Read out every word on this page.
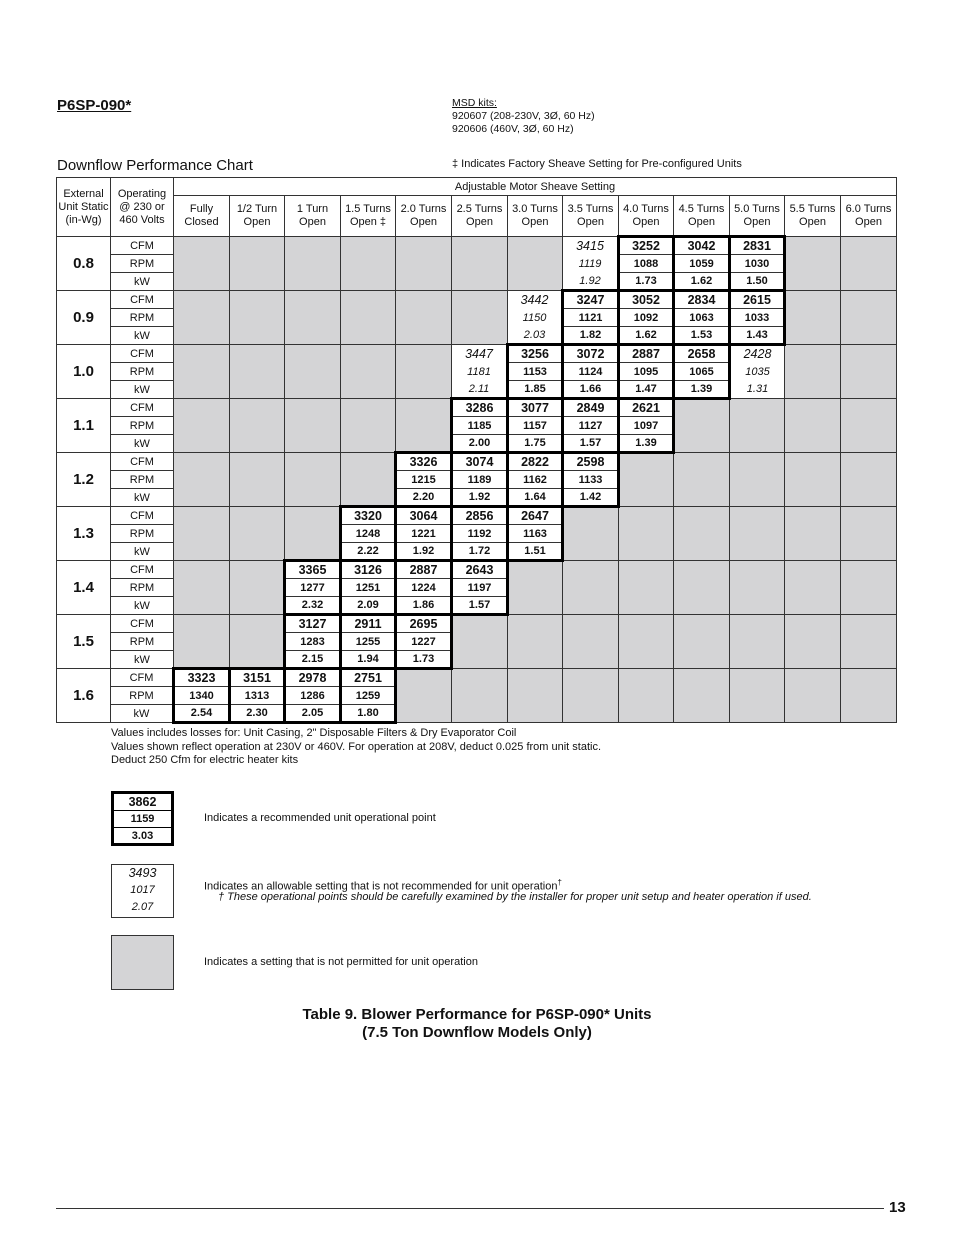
P6SP-090*	MSD kits:
920607 (208-230V, 3Ø, 60 Hz)
920606 (460V, 3Ø, 60 Hz)
Downflow Performance Chart	‡ Indicates Factory Sheave Setting for Pre-configured Units
External Unit Static (in-Wg)	Operating @ 230 or 460 Volts	Adjustable Motor Sheave Setting												
		Fully Closed	1/2 Turn Open	1 Turn Open	1.5 Turns Open ‡	2.0 Turns Open	2.5 Turns Open	3.0 Turns Open	3.5 Turns Open	4.0 Turns Open	4.5 Turns Open	5.0 Turns Open	5.5 Turns Open	6.0 Turns Open
0.8	CFM								3415	3252	3042	2831		
	RPM								1119	1088	1059	1030		
	kW								1.92	1.73	1.62	1.50		
0.9	CFM							3442	3247	3052	2834	2615		
	RPM							1150	1121	1092	1063	1033		
	kW							2.03	1.82	1.62	1.53	1.43		
1.0	CFM						3447	3256	3072	2887	2658	2428		
	RPM						1181	1153	1124	1095	1065	1035		
	kW						2.11	1.85	1.66	1.47	1.39	1.31		
1.1	CFM						3286	3077	2849	2621				
	RPM						1185	1157	1127	1097				
	kW						2.00	1.75	1.57	1.39				
1.2	CFM					3326	3074	2822	2598					
	RPM					1215	1189	1162	1133					
	kW					2.20	1.92	1.64	1.42					
1.3	CFM				3320	3064	2856	2647						
	RPM				1248	1221	1192	1163						
	kW				2.22	1.92	1.72	1.51						
1.4	CFM			3365	3126	2887	2643							
	RPM			1277	1251	1224	1197							
	kW			2.32	2.09	1.86	1.57							
1.5	CFM			3127	2911	2695								
	RPM			1283	1255	1227								
	kW			2.15	1.94	1.73								
1.6	CFM	3323	3151	2978	2751									
	RPM	1340	1313	1286	1259									
	kW	2.54	2.30	2.05	1.80									
Values includes losses for: Unit Casing, 2" Disposable Filters & Dry Evaporator Coil
Values shown reflect operation at 230V or 460V. For operation at 208V, deduct 0.025 from unit static.
Deduct 250 Cfm for electric heater kits
3862
1159
3.03
Indicates a recommended unit operational point
3493
1017
2.07
Indicates an allowable setting that is not recommended for unit operation†
† These operational points should be carefully examined by the installer for proper unit setup and heater operation if used.
Indicates a setting that is not permitted for unit operation
Table 9. Blower Performance for P6SP-090* Units
(7.5 Ton Downflow Models Only)
13
